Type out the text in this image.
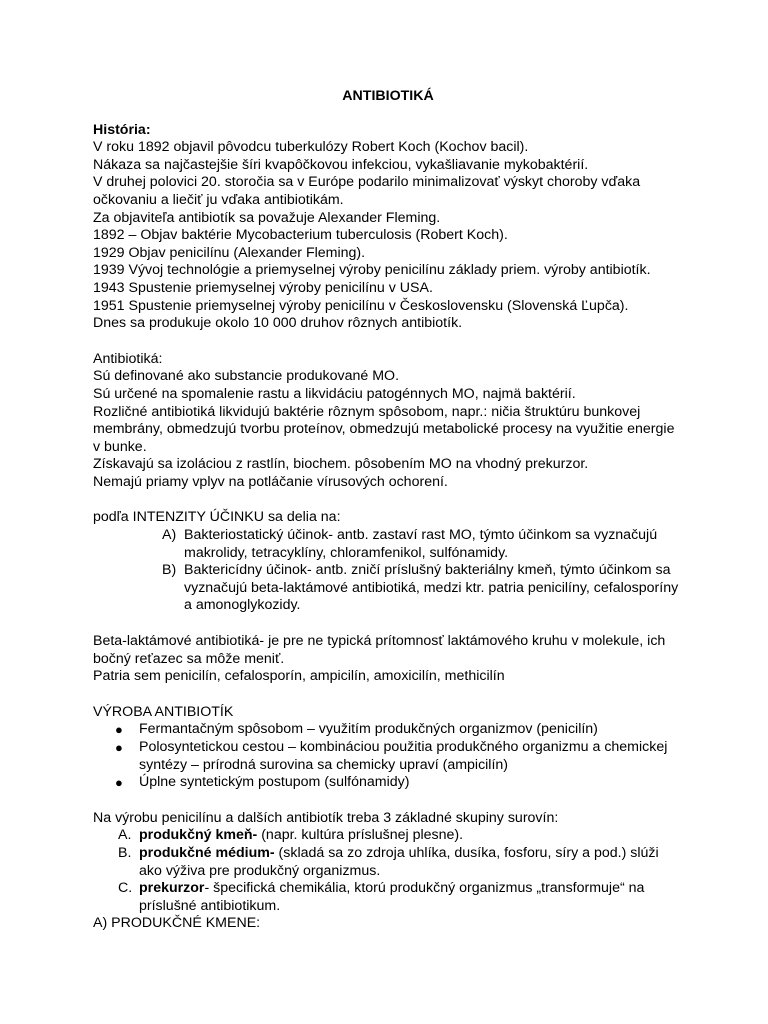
ANTIBIOTIKÁ

História:

V roku 1892 objavil pôvodcu tuberkulózy Robert Koch (Kochov bacil).

Nákaza sa najčastejšie šíri kvapôčkovou infekciou, vykašliavanie mykobaktérií.

V druhej polovici 20. storočia sa v Európe podarilo minimalizovať výskyt choroby vďaka očkovaniu a liečiť ju vďaka antibiotikám.

Za objaviteľa antibiotík sa považuje Alexander Fleming.

1892 – Objav baktérie Mycobacterium tuberculosis (Robert Koch).

1929 Objav penicilínu (Alexander Fleming).

1939 Vývoj technológie a priemyselnej výroby penicilínu základy priem. výroby antibiotík.

1943 Spustenie priemyselnej výroby penicilínu v USA.

1951 Spustenie priemyselnej výroby penicilínu v Československu (Slovenská Ľupča).

Dnes sa produkuje okolo 10 000 druhov rôznych antibiotík.

Antibiotiká:

Sú definované ako substancie produkované MO.

Sú určené na spomalenie rastu a likvidáciu patogénnych MO, najmä baktérií.

Rozličné antibiotiká likvidujú baktérie rôznym spôsobom, napr.: ničia štruktúru bunkovej membrány, obmedzujú tvorbu proteínov, obmedzujú metabolické procesy na využitie energie v bunke.

Získavajú sa izoláciou z rastlín, biochem. pôsobením MO na vhodný prekurzor.

Nemajú priamy vplyv na potláčanie vírusových ochorení.

podľa INTENZITY ÚČINKU sa delia na:

A) Bakteriostatický účinok- antb. zastaví rast MO, týmto účinkom sa vyznačujú makrolidy, tetracyklíny, chloramfenikol, sulfónamidy.
B) Baktericídny účinok- antb. zničí príslušný bakteriálny kmeň, týmto účinkom sa vyznačujú beta-laktámové antibiotiká, medzi ktr. patria penicilíny, cefalosporíny a amonoglykozidy.

Beta-laktámové antibiotiká- je pre ne typická prítomnosť laktámového kruhu v molekule, ich bočný reťazec sa môže meniť.

Patria sem penicilín, cefalosporín, ampicilín, amoxicilín, methicilín

VÝROBA ANTIBIOTÍK

● Fermantačným spôsobom – využitím produkčných organizmov (penicilín)
● Polosyntetickou cestou – kombináciou použitia produkčného organizmu a chemickej syntézy – prírodná surovina sa chemicky upraví (ampicilín)
● Úplne syntetickým postupom (sulfónamidy)

Na výrobu penicilínu a dalších antibiotík treba 3 základné skupiny surovín:

A. produkčný kmeň- (napr. kultúra príslušnej plesne).
B. produkčné médium- (skladá sa zo zdroja uhlíka, dusíka, fosforu, síry a pod.) slúži ako výživa pre produkčný organizmus.
C. prekurzor- špecifická chemikália, ktorú produkčný organizmus „transformuje“ na príslušné antibiotikum.

A) PRODUKČNÉ KMENE:
